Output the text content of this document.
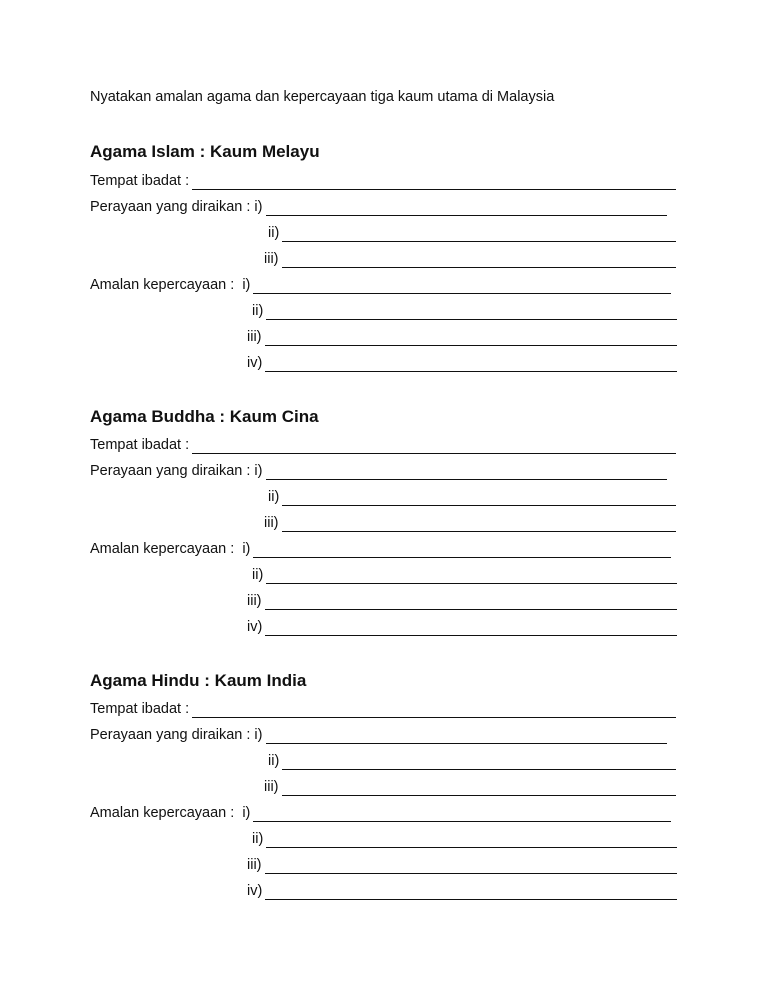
Nyatakan amalan agama dan kepercayaan tiga kaum utama di Malaysia
Agama Islam : Kaum Melayu
Tempat ibadat :
Perayaan yang diraikan : i)
ii)
iii)
Amalan kepercayaan :  i)
ii)
iii)
iv)
Agama Buddha : Kaum Cina
Tempat ibadat :
Perayaan yang diraikan : i)
ii)
iii)
Amalan kepercayaan :  i)
ii)
iii)
iv)
Agama Hindu : Kaum India
Tempat ibadat :
Perayaan yang diraikan : i)
ii)
iii)
Amalan kepercayaan :  i)
ii)
iii)
iv)
